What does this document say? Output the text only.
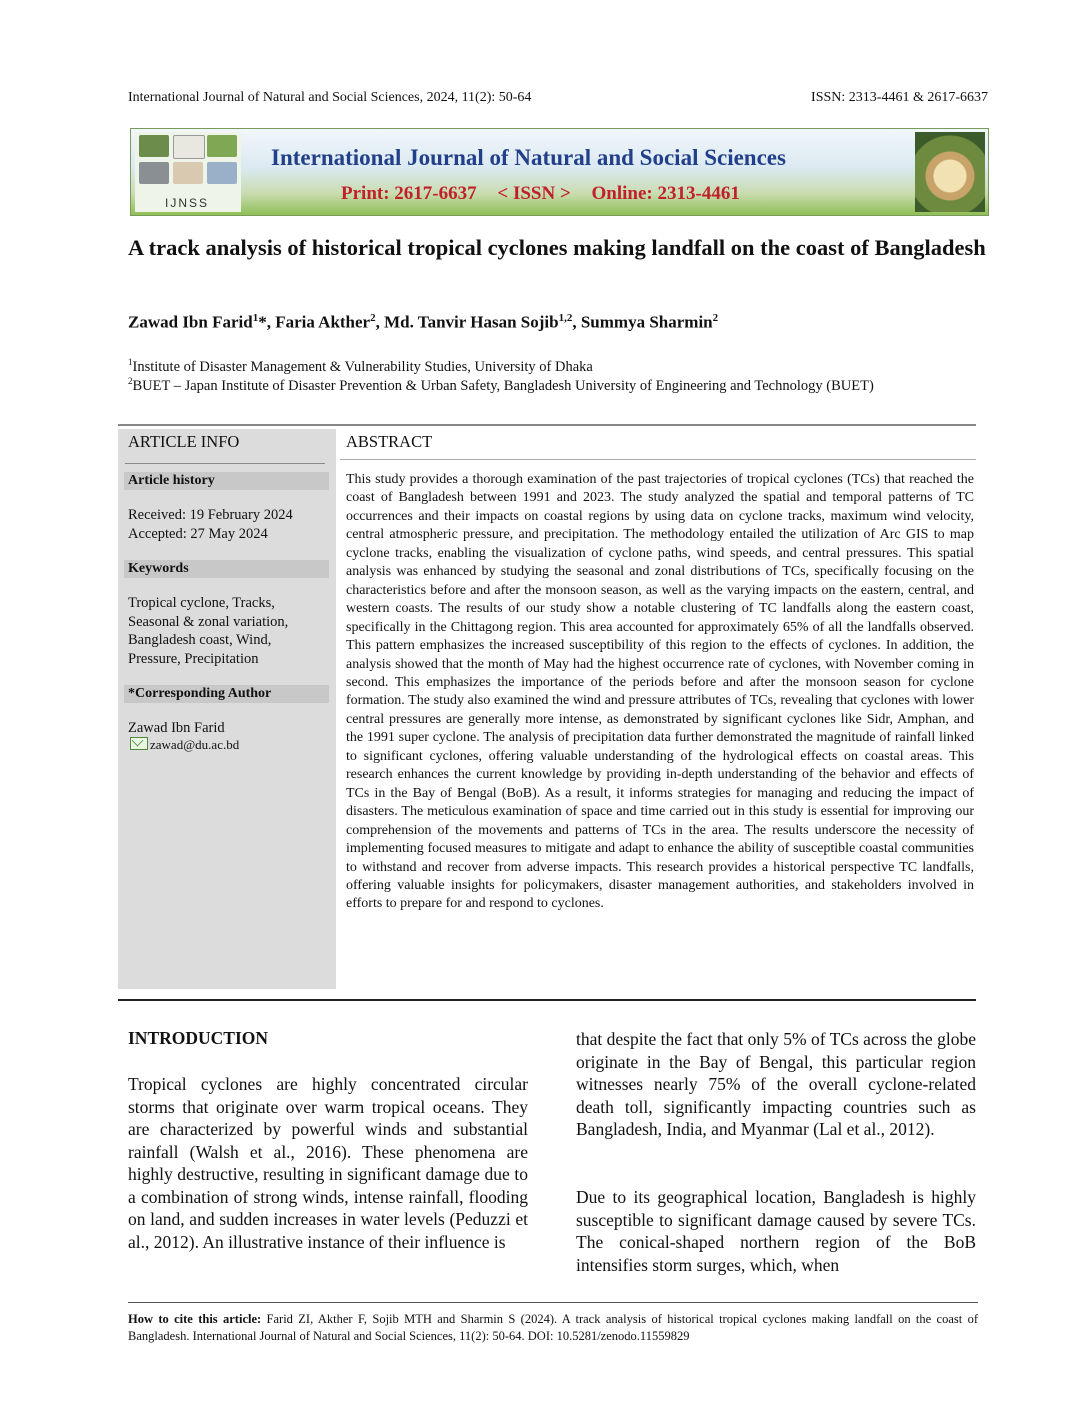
International Journal of Natural and Social Sciences, 2024, 11(2): 50-64	ISSN: 2313-4461 & 2617-6637
IJNSS
International Journal of Natural and Social Sciences
Print: 2617-6637 < ISSN > Online: 2313-4461
A track analysis of historical tropical cyclones making landfall on the coast of Bangladesh
Zawad Ibn Farid$^1$*, Faria Akther$^2$, Md. Tanvir Hasan Sojib$^{1,2}$, Summya Sharmin$^2$
$^1$Institute of Disaster Management & Vulnerability Studies, University of Dhaka
$^2$BUET – Japan Institute of Disaster Prevention & Urban Safety, Bangladesh University of Engineering and Technology (BUET)
ARTICLE INFO
Article history
Received: 19 February 2024
Accepted: 27 May 2024
Keywords
Tropical cyclone, Tracks, Seasonal & zonal variation, Bangladesh coast, Wind, Pressure, Precipitation
*Corresponding Author
Zawad Ibn Farid
zawad@du.ac.bd
ABSTRACT
This study provides a thorough examination of the past trajectories of tropical cyclones (TCs) that reached the coast of Bangladesh between 1991 and 2023. The study analyzed the spatial and temporal patterns of TC occurrences and their impacts on coastal regions by using data on cyclone tracks, maximum wind velocity, central atmospheric pressure, and precipitation. The methodology entailed the utilization of Arc GIS to map cyclone tracks, enabling the visualization of cyclone paths, wind speeds, and central pressures. This spatial analysis was enhanced by studying the seasonal and zonal distributions of TCs, specifically focusing on the characteristics before and after the monsoon season, as well as the varying impacts on the eastern, central, and western coasts. The results of our study show a notable clustering of TC landfalls along the eastern coast, specifically in the Chittagong region. This area accounted for approximately 65% of all the landfalls observed. This pattern emphasizes the increased susceptibility of this region to the effects of cyclones. In addition, the analysis showed that the month of May had the highest occurrence rate of cyclones, with November coming in second. This emphasizes the importance of the periods before and after the monsoon season for cyclone formation. The study also examined the wind and pressure attributes of TCs, revealing that cyclones with lower central pressures are generally more intense, as demonstrated by significant cyclones like Sidr, Amphan, and the 1991 super cyclone. The analysis of precipitation data further demonstrated the magnitude of rainfall linked to significant cyclones, offering valuable understanding of the hydrological effects on coastal areas. This research enhances the current knowledge by providing in-depth understanding of the behavior and effects of TCs in the Bay of Bengal (BoB). As a result, it informs strategies for managing and reducing the impact of disasters. The meticulous examination of space and time carried out in this study is essential for improving our comprehension of the movements and patterns of TCs in the area. The results underscore the necessity of implementing focused measures to mitigate and adapt to enhance the ability of susceptible coastal communities to withstand and recover from adverse impacts. This research provides a historical perspective TC landfalls, offering valuable insights for policymakers, disaster management authorities, and stakeholders involved in efforts to prepare for and respond to cyclones.
INTRODUCTION
Tropical cyclones are highly concentrated circular storms that originate over warm tropical oceans. They are characterized by powerful winds and substantial rainfall (Walsh et al., 2016). These phenomena are highly destructive, resulting in significant damage due to a combination of strong winds, intense rainfall, flooding on land, and sudden increases in water levels (Peduzzi et al., 2012). An illustrative instance of their influence is
that despite the fact that only 5% of TCs across the globe originate in the Bay of Bengal, this particular region witnesses nearly 75% of the overall cyclone-related death toll, significantly impacting countries such as Bangladesh, India, and Myanmar (Lal et al., 2012).
Due to its geographical location, Bangladesh is highly susceptible to significant damage caused by severe TCs. The conical-shaped northern region of the BoB intensifies storm surges, which, when
How to cite this article: Farid ZI, Akther F, Sojib MTH and Sharmin S (2024). A track analysis of historical tropical cyclones making landfall on the coast of Bangladesh. International Journal of Natural and Social Sciences, 11(2): 50-64. DOI: 10.5281/zenodo.11559829
